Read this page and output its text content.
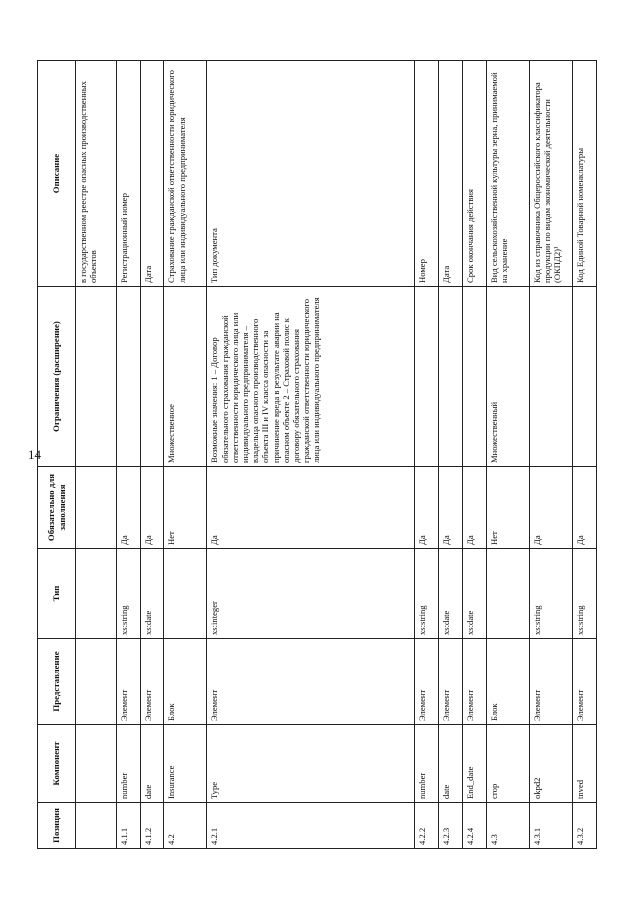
14
Позиция	Компонент	Представление	Тип	Обязательно для заполнения	Ограничения (расширение)	Описание
						в государственном реестре опасных производственных объектов
4.1.1	number	Элемент	xs:string	Да		Регистрационный номер
4.1.2	date	Элемент	xs:date	Да		Дата
4.2	Insurance	Блок		Нет	Множественное	Страхование гражданской ответственности юридического лица или индивидуального предпринимателя
4.2.1	Type	Элемент	xs:integer	Да	Возможные значения: 1 – Договор обязательного страхования гражданской ответственности юридического лица или индивидуального предпринимателя – владельца опасного производственного объекта III и IV класса опасности за причинение вреда в результате аварии на опасном объекте 2 – Страховой полис к договору обязательного страхования гражданской ответственности юридического лица или индивидуального предпринимателя	Тип документа
4.2.2	number	Элемент	xs:string	Да		Номер
4.2.3	date	Элемент	xs:date	Да		Дата
4.2.4	End_date	Элемент	xs:date	Да		Срок окончания действия
4.3	crop	Блок		Нет	Множественный	Вид сельскохозяйственной культуры зерна, принимаемой на хранение
4.3.1	okpd2	Элемент	xs:string	Да		Код из справочника Общероссийского классификатора продукции по видам экономической деятельности (ОКПД2)¹
4.3.2	tnved	Элемент	xs:string	Да		Код Единой Товарной номенклатуры
